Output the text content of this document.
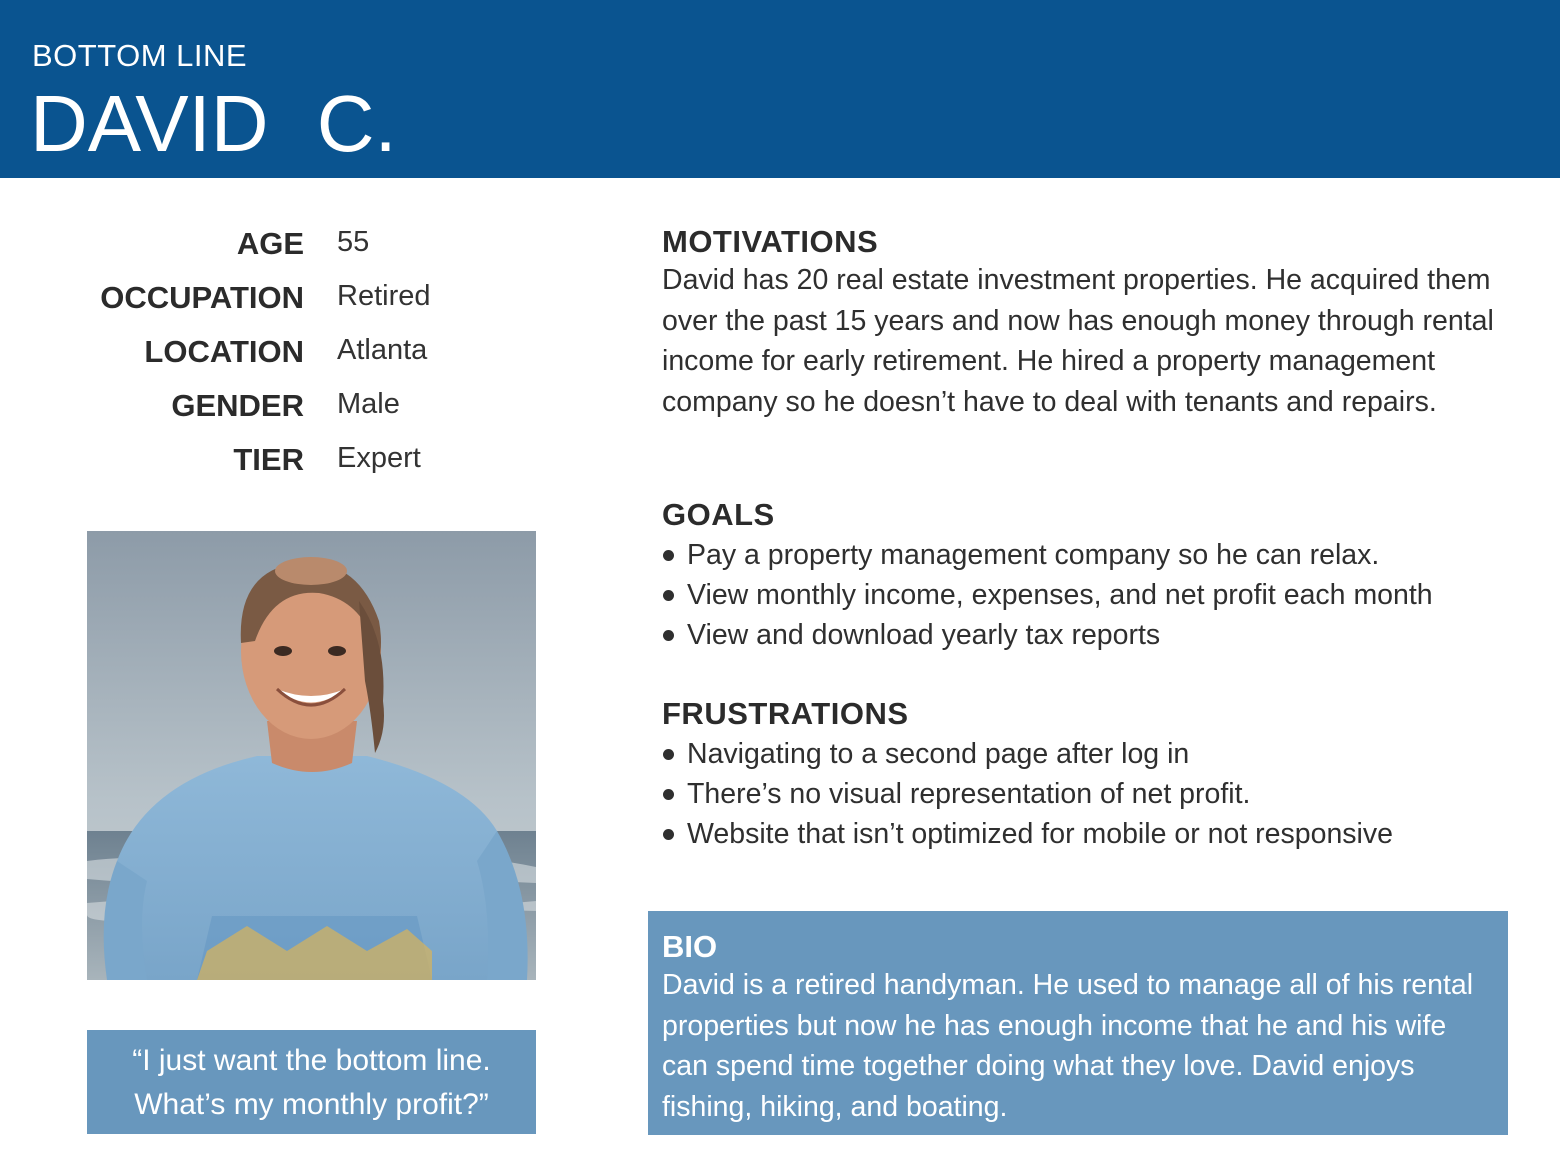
BOTTOM LINE
DAVID C.
AGE 55
OCCUPATION Retired
LOCATION Atlanta
GENDER Male
TIER Expert
“I just want the bottom line.
What’s my monthly profit?”
MOTIVATIONS

David has 20 real estate investment properties. He acquired them over the past 15 years and now has enough money through rental income for early retirement. He hired a property management company so he doesn’t have to deal with tenants and repairs.

GOALS
Pay a property management company so he can relax.
View monthly income, expenses, and net profit each month
View and download yearly tax reports
FRUSTRATIONS
Navigating to a second page after log in
There’s no visual representation of net profit.
Website that isn’t optimized for mobile or not responsive
BIO

David is a retired handyman. He used to manage all of his rental properties but now he has enough income that he and his wife can spend time together doing what they love. David enjoys fishing, hiking, and boating.
